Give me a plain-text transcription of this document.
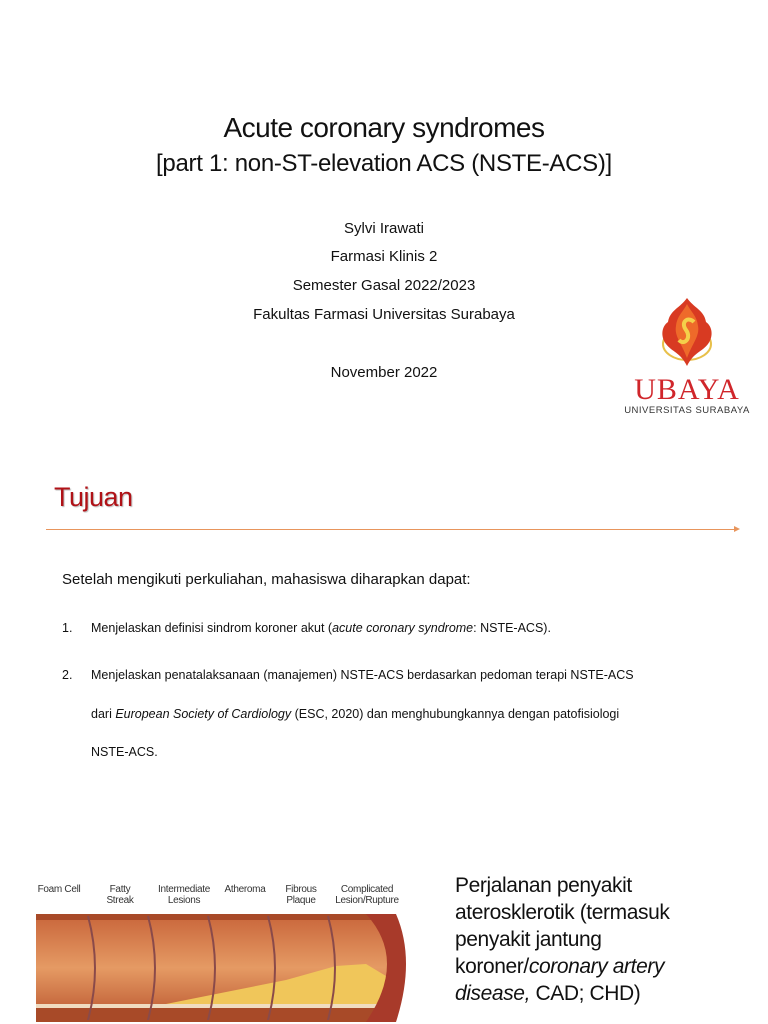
Acute coronary syndromes
[part 1: non-ST-elevation ACS (NSTE-ACS)]
Sylvi Irawati
Farmasi Klinis 2
Semester Gasal 2022/2023
Fakultas Farmasi Universitas Surabaya
November 2022
UBAYA
UNIVERSITAS SURABAYA
Tujuan
Setelah mengikuti perkuliahan, mahasiswa diharapkan dapat:
1. Menjelaskan definisi sindrom koroner akut (acute coronary syndrome: NSTE-ACS).
2. Menjelaskan penatalaksanaan (manajemen) NSTE-ACS berdasarkan pedoman terapi NSTE-ACS
dari European Society of Cardiology (ESC, 2020) dan menghubungkannya dengan patofisiologi
NSTE-ACS.
Foam Cell	Fatty Streak
Intermediate Lesions
Atheroma	Fibrous Plaque
Complicated Lesion/Rupture
Perjalanan penyakit
aterosklerotik (termasuk
penyakit jantung
koroner/coronary artery
disease, CAD; CHD)
